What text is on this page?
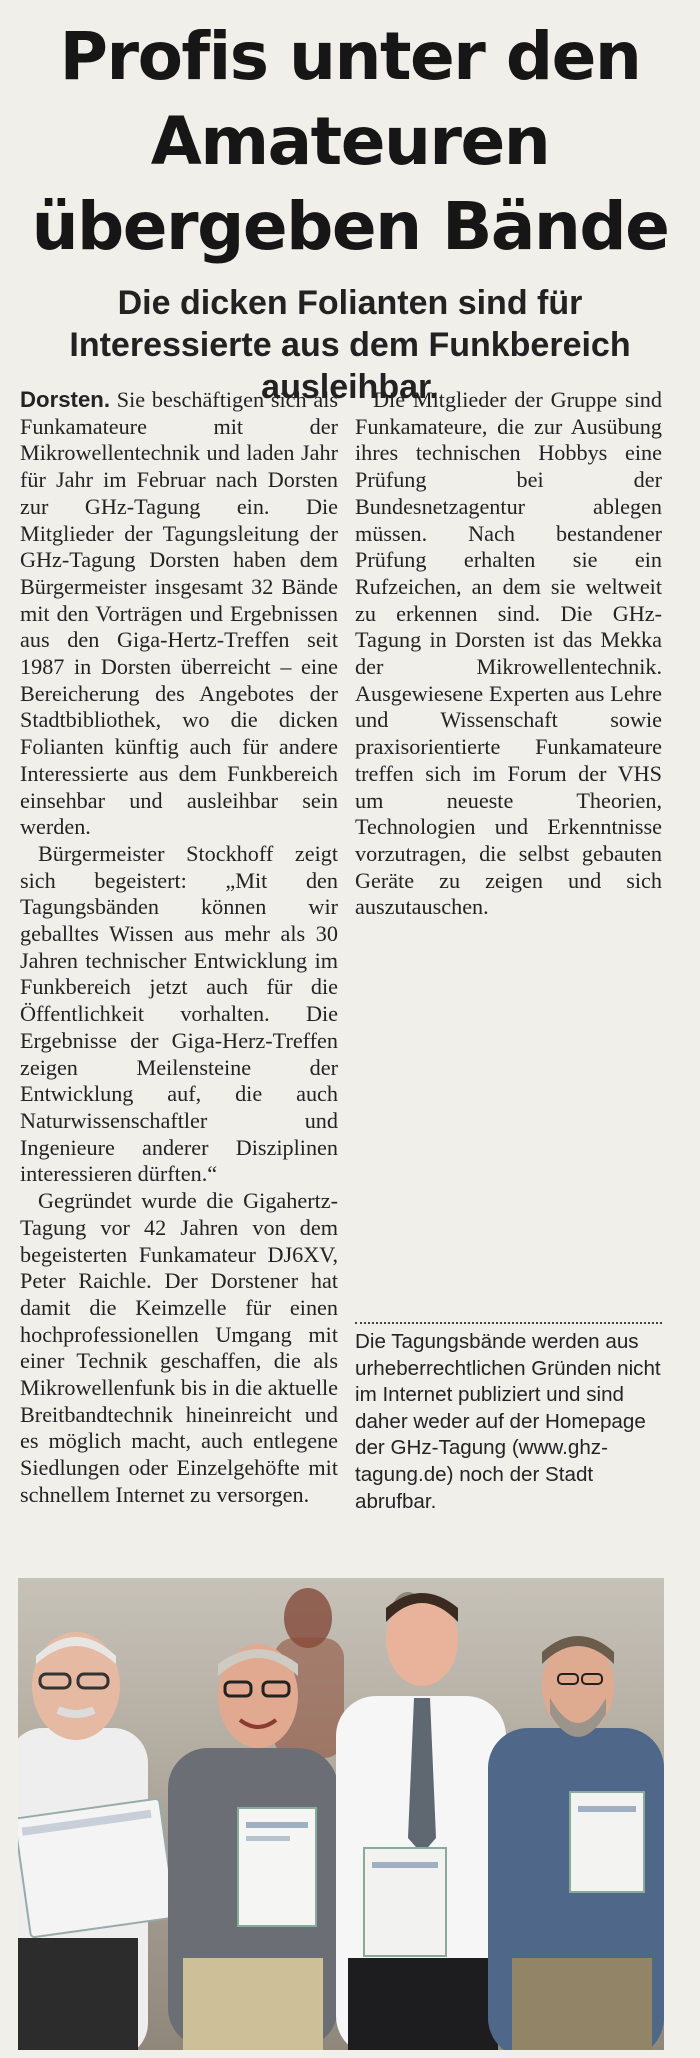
Profis unter den Amateuren übergeben Bände
Die dicken Folianten sind für Interessierte aus dem Funkbereich ausleihbar.

Dorsten. Sie beschäftigen sich als Funkamateure mit der Mikrowellentechnik und laden Jahr für Jahr im Februar nach Dorsten zur GHz-Tagung ein. Die Mitglieder der Tagungsleitung der GHz-Tagung Dorsten haben dem Bürgermeister insgesamt 32 Bände mit den Vorträgen und Ergebnissen aus den Giga-Hertz-Treffen seit 1987 in Dorsten überreicht – eine Bereicherung des Angebotes der Stadtbibliothek, wo die dicken Folianten künftig auch für andere Interessierte aus dem Funkbereich einsehbar und ausleihbar sein werden.

Bürgermeister Stockhoff zeigt sich begeistert: „Mit den Tagungsbänden können wir geballtes Wissen aus mehr als 30 Jahren technischer Entwicklung im Funkbereich jetzt auch für die Öffentlichkeit vorhalten. Die Ergebnisse der Giga-Herz-Treffen zeigen Meilensteine der Entwicklung auf, die auch Naturwissenschaftler und Ingenieure anderer Disziplinen interessieren dürften.“

Gegründet wurde die Gigahertz-Tagung vor 42 Jahren von dem begeisterten Funkamateur DJ6XV, Peter Raichle. Der Dorstener hat damit die Keimzelle für einen hochprofessionellen Umgang mit einer Technik geschaffen, die als Mikrowellenfunk bis in die aktuelle Breitbandtechnik hineinreicht und es möglich macht, auch entlegene Siedlungen oder Einzelgehöfte mit schnellem Internet zu versorgen.

Die Mitglieder der Gruppe sind Funkamateure, die zur Ausübung ihres technischen Hobbys eine Prüfung bei der Bundesnetzagentur ablegen müssen. Nach bestandener Prüfung erhalten sie ein Rufzeichen, an dem sie weltweit zu erkennen sind. Die GHz-Tagung in Dorsten ist das Mekka der Mikrowellentechnik. Ausgewiesene Experten aus Lehre und Wissenschaft sowie praxisorientierte Funkamateure treffen sich im Forum der VHS um neueste Theorien, Technologien und Erkenntnisse vorzutragen, die selbst gebauten Geräte zu zeigen und sich auszutauschen.

Die Tagungsbände werden aus urheberrechtlichen Gründen nicht im Internet publiziert und sind daher weder auf der Homepage der GHz-Tagung (www.ghz-tagung.de) noch der Stadt abrufbar.
